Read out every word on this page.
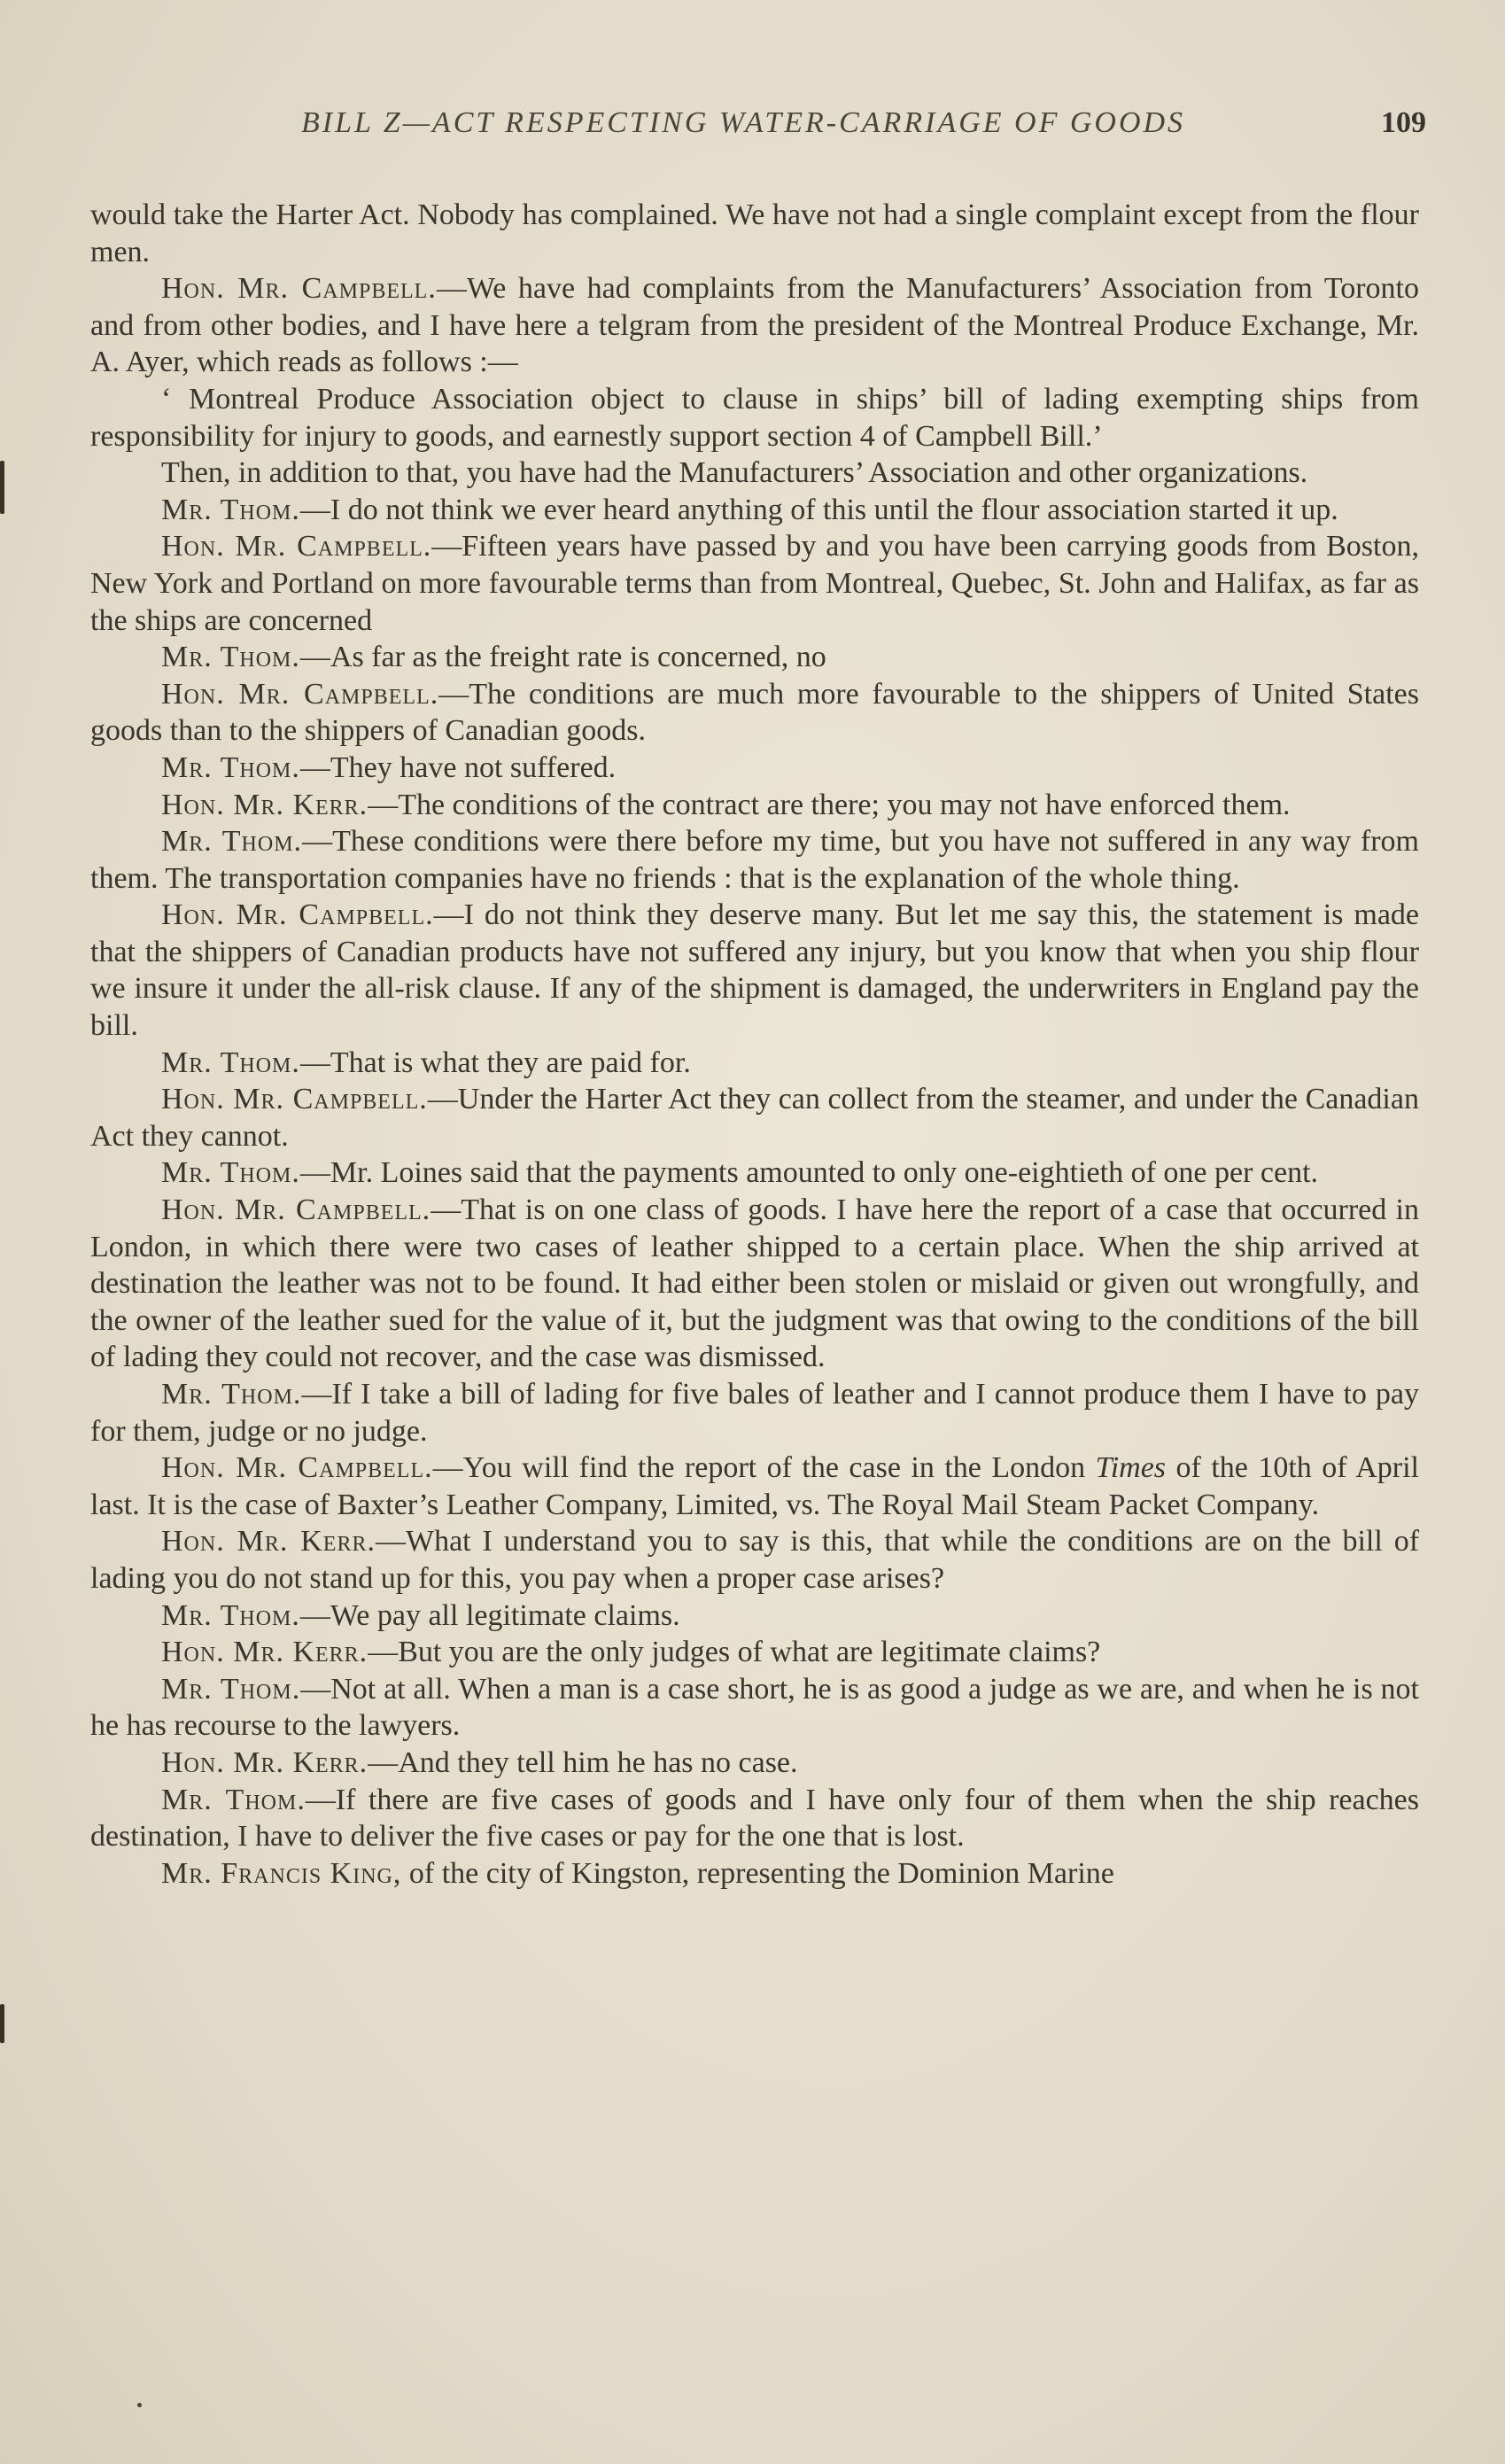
BILL Z—ACT RESPECTING WATER-CARRIAGE OF GOODS	109

would take the Harter Act. Nobody has complained. We have not had a single complaint except from the flour men.

Hon. Mr. Campbell.—We have had complaints from the Manufacturers’ Association from Toronto and from other bodies, and I have here a telgram from the president of the Montreal Produce Exchange, Mr. A. Ayer, which reads as follows :—

‘ Montreal Produce Association object to clause in ships’ bill of lading exempting ships from responsibility for injury to goods, and earnestly support section 4 of Campbell Bill.’

Then, in addition to that, you have had the Manufacturers’ Association and other organizations.

Mr. Thom.—I do not think we ever heard anything of this until the flour association started it up.

Hon. Mr. Campbell.—Fifteen years have passed by and you have been carrying goods from Boston, New York and Portland on more favourable terms than from Montreal, Quebec, St. John and Halifax, as far as the ships are concerned

Mr. Thom.—As far as the freight rate is concerned, no

Hon. Mr. Campbell.—The conditions are much more favourable to the shippers of United States goods than to the shippers of Canadian goods.

Mr. Thom.—They have not suffered.

Hon. Mr. Kerr.—The conditions of the contract are there; you may not have enforced them.

Mr. Thom.—These conditions were there before my time, but you have not suffered in any way from them. The transportation companies have no friends : that is the explanation of the whole thing.

Hon. Mr. Campbell.—I do not think they deserve many. But let me say this, the statement is made that the shippers of Canadian products have not suffered any injury, but you know that when you ship flour we insure it under the all-risk clause. If any of the shipment is damaged, the underwriters in England pay the bill.

Mr. Thom.—That is what they are paid for.

Hon. Mr. Campbell.—Under the Harter Act they can collect from the steamer, and under the Canadian Act they cannot.

Mr. Thom.—Mr. Loines said that the payments amounted to only one-eightieth of one per cent.

Hon. Mr. Campbell.—That is on one class of goods. I have here the report of a case that occurred in London, in which there were two cases of leather shipped to a certain place. When the ship arrived at destination the leather was not to be found. It had either been stolen or mislaid or given out wrongfully, and the owner of the leather sued for the value of it, but the judgment was that owing to the conditions of the bill of lading they could not recover, and the case was dismissed.

Mr. Thom.—If I take a bill of lading for five bales of leather and I cannot produce them I have to pay for them, judge or no judge.

Hon. Mr. Campbell.—You will find the report of the case in the London Times of the 10th of April last. It is the case of Baxter’s Leather Company, Limited, vs. The Royal Mail Steam Packet Company.

Hon. Mr. Kerr.—What I understand you to say is this, that while the conditions are on the bill of lading you do not stand up for this, you pay when a proper case arises?

Mr. Thom.—We pay all legitimate claims.

Hon. Mr. Kerr.—But you are the only judges of what are legitimate claims?

Mr. Thom.—Not at all. When a man is a case short, he is as good a judge as we are, and when he is not he has recourse to the lawyers.

Hon. Mr. Kerr.—And they tell him he has no case.

Mr. Thom.—If there are five cases of goods and I have only four of them when the ship reaches destination, I have to deliver the five cases or pay for the one that is lost.

Mr. Francis King, of the city of Kingston, representing the Dominion Marine
